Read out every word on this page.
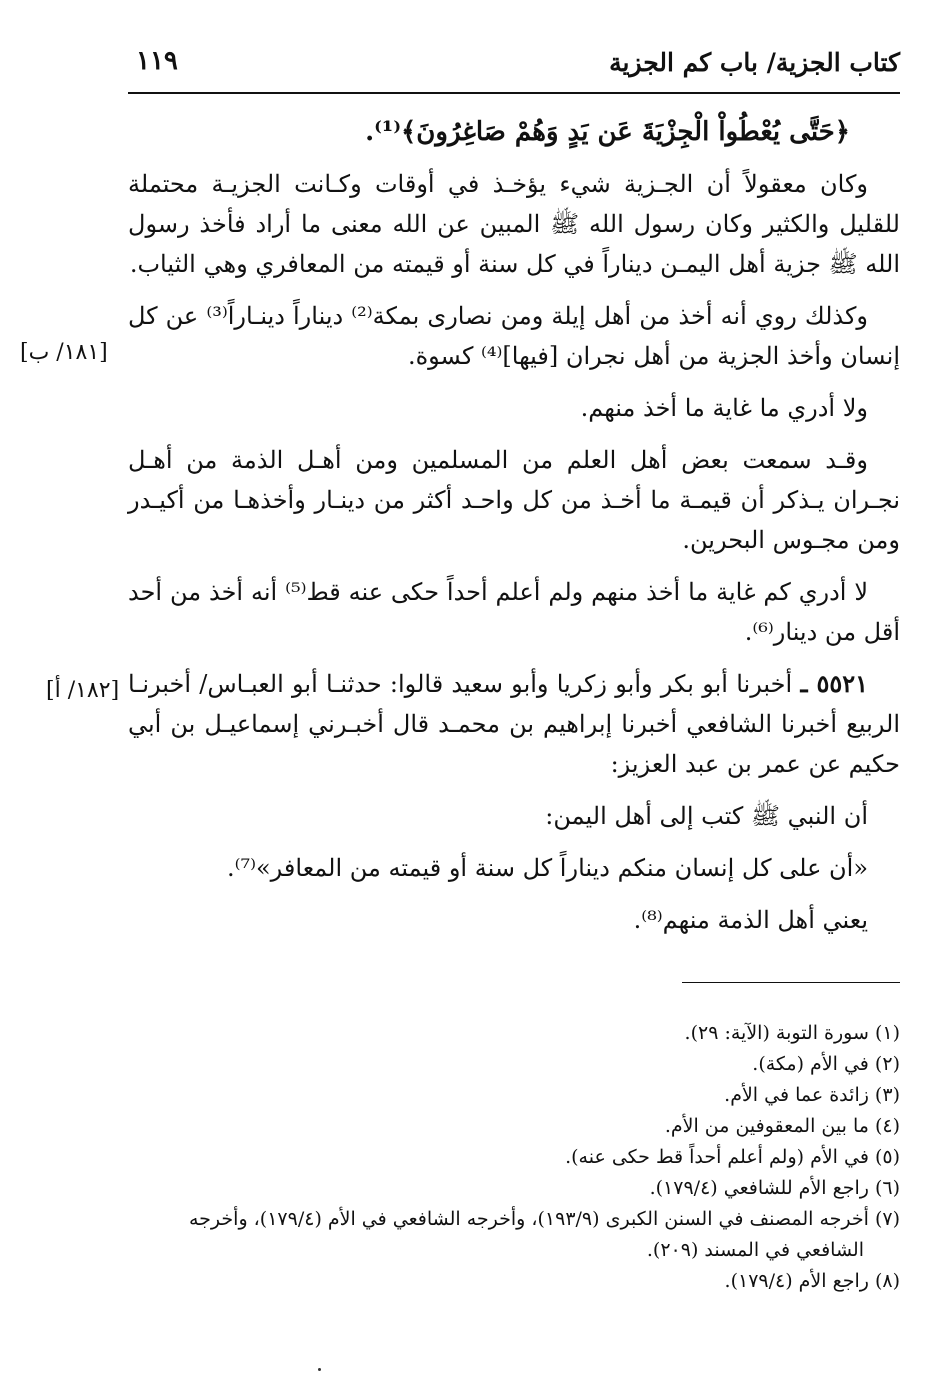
كتاب الجزية/ باب كم الجزية
١١٩

﴿حَتَّى يُعْطُواْ الْجِزْيَةَ عَن يَدٍ وَهُمْ صَاغِرُونَ﴾⁽¹⁾.

وكان معقولاً أن الجـزية شيء يؤخـذ في أوقات وكـانت الجزيـة محتملة للقليل والكثير وكان رسول الله ﷺ المبين عن الله معنى ما أراد فأخذ رسول الله ﷺ جزية أهل اليمـن ديناراً في كل سنة أو قيمته من المعافري وهي الثياب.

وكذلك روي أنه أخذ من أهل إيلة ومن نصارى بمكة⁽²⁾ ديناراً دينـاراً⁽³⁾ عن كل إنسان وأخذ الجزية من أهل نجران [فيها]⁽⁴⁾ كسوة.

ولا أدري ما غاية ما أخذ منهم.

وقـد سمعت بعض أهل العلم من المسلمين ومن أهـل الذمة من أهـل نجـران يـذكر أن قيمـة ما أخـذ من كل واحـد أكثر من دينـار وأخذهـا من أكيـدر ومن مجـوس البحرين.

لا أدري كم غاية ما أخذ منهم ولم أعلم أحداً حكى عنه قط⁽⁵⁾ أنه أخذ من أحد أقل من دينار⁽⁶⁾.

٥٥٢١ ـ أخبرنا أبو بكر وأبو زكريا وأبو سعيد قالوا: حدثنـا أبو العبـاس/ أخبرنـا الربيع أخبرنا الشافعي أخبرنا إبراهيم بن محمـد قال أخبـرني إسماعيـل بن أبي حكيم عن عمر بن عبد العزيز:

أن النبي ﷺ كتب إلى أهل اليمن:

«أن على كل إنسان منكم ديناراً كل سنة أو قيمته من المعافر»⁽⁷⁾.

يعني أهل الذمة منهم⁽⁸⁾.

[١٨١/ ب]
[١٨٢/ أ]

(١) سورة التوبة (الآية: ٢٩).

(٢) في الأم (مكة).

(٣) زائدة عما في الأم.

(٤) ما بين المعقوفين من الأم.

(٥) في الأم (ولم أعلم أحداً قط حكى عنه).

(٦) راجع الأم للشافعي (١٧٩/٤).

(٧) أخرجه المصنف في السنن الكبرى (١٩٣/٩)، وأخرجه الشافعي في الأم (١٧٩/٤)، وأخرجه

الشافعي في المسند (٢٠٩).

(٨) راجع الأم (١٧٩/٤).
